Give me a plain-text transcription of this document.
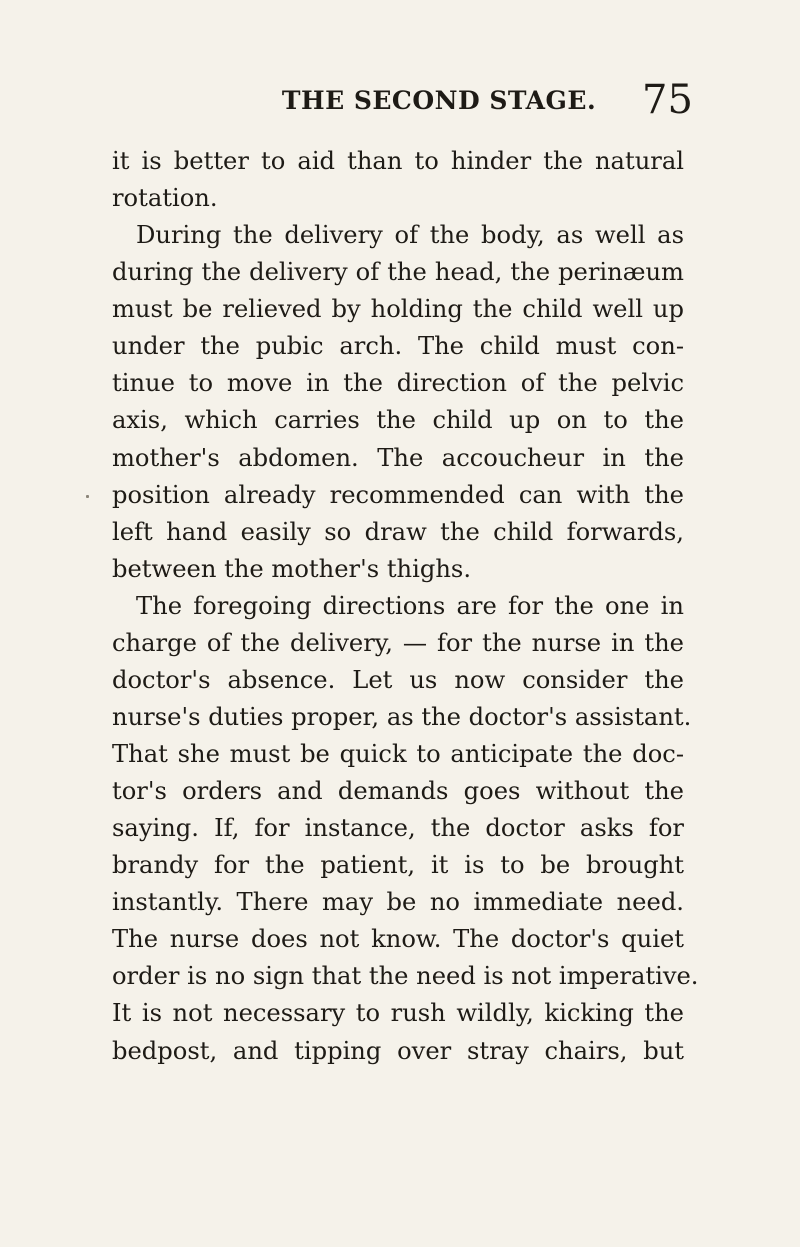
THE SECOND STAGE. 75
it is better to aid than to hinder the natural
rotation.
During the delivery of the body, as well as
during the delivery of the head, the perinæum
must be relieved by holding the child well up
under the pubic arch. The child must con-
tinue to move in the direction of the pelvic
axis, which carries the child up on to the
mother's abdomen. The accoucheur in the
position already recommended can with the
left hand easily so draw the child forwards,
between the mother's thighs.
The foregoing directions are for the one in
charge of the delivery, — for the nurse in the
doctor's absence. Let us now consider the
nurse's duties proper, as the doctor's assistant.
That she must be quick to anticipate the doc-
tor's orders and demands goes without the
saying. If, for instance, the doctor asks for
brandy for the patient, it is to be brought
instantly. There may be no immediate need.
The nurse does not know. The doctor's quiet
order is no sign that the need is not imperative.
It is not necessary to rush wildly, kicking the
bedpost, and tipping over stray chairs, but
